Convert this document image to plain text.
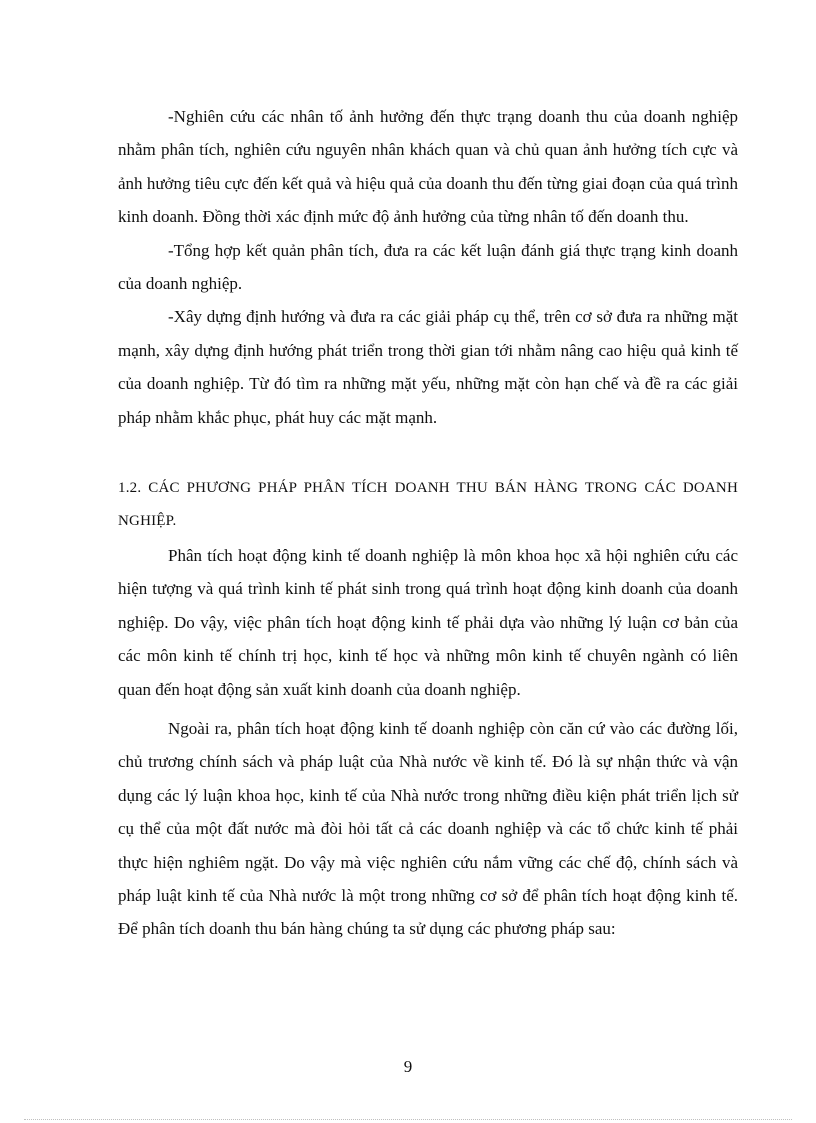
-Nghiên cứu các nhân tố ảnh hưởng đến thực trạng doanh thu của doanh nghiệp nhằm phân tích, nghiên cứu nguyên nhân khách quan và chủ quan ảnh hưởng tích cực và ảnh hưởng tiêu cực đến kết quả và hiệu quả của doanh thu đến từng giai đoạn của quá trình kinh doanh. Đồng thời xác định mức độ ảnh hưởng của từng nhân tố đến doanh thu.

-Tổng hợp kết quản phân tích, đưa ra các kết luận đánh giá thực trạng kinh doanh của doanh nghiệp.

-Xây dựng định hướng và đưa ra các giải pháp cụ thể, trên cơ sở đưa ra những mặt mạnh, xây dựng định hướng phát triển trong thời gian tới nhằm nâng cao hiệu quả kinh tế của doanh nghiệp. Từ đó tìm ra những mặt yếu, những mặt còn hạn chế và đề ra các giải pháp nhằm khắc phục, phát huy các mặt mạnh.

1.2. CÁC PHƯƠNG PHÁP PHÂN TÍCH DOANH THU BÁN HÀNG TRONG CÁC DOANH NGHIỆP.

Phân tích hoạt động kinh tế doanh nghiệp là môn khoa học xã hội nghiên cứu các hiện tượng và quá trình kinh tế phát sinh trong quá trình hoạt động kinh doanh của doanh nghiệp. Do vậy, việc phân tích hoạt động kinh tế phải dựa vào những lý luận cơ bản của các môn kinh tế chính trị học, kinh tế học và những môn kinh tế chuyên ngành có liên quan đến hoạt động sản xuất kinh doanh của doanh nghiệp.

Ngoài ra, phân tích hoạt động kinh tế doanh nghiệp còn căn cứ vào các đường lối, chủ trương chính sách và pháp luật của Nhà nước về kinh tế. Đó là sự nhận thức và vận dụng các lý luận khoa học, kinh tế của Nhà nước trong những điều kiện phát triển lịch sử cụ thể của một đất nước mà đòi hỏi tất cả các doanh nghiệp và các tổ chức kinh tế phải thực hiện nghiêm ngặt. Do vậy mà việc nghiên cứu nắm vững các chế độ, chính sách và pháp luật kinh tế của Nhà nước là một trong những cơ sở để phân tích hoạt động kinh tế. Để phân tích doanh thu bán hàng chúng ta sử dụng các phương pháp sau:

9
